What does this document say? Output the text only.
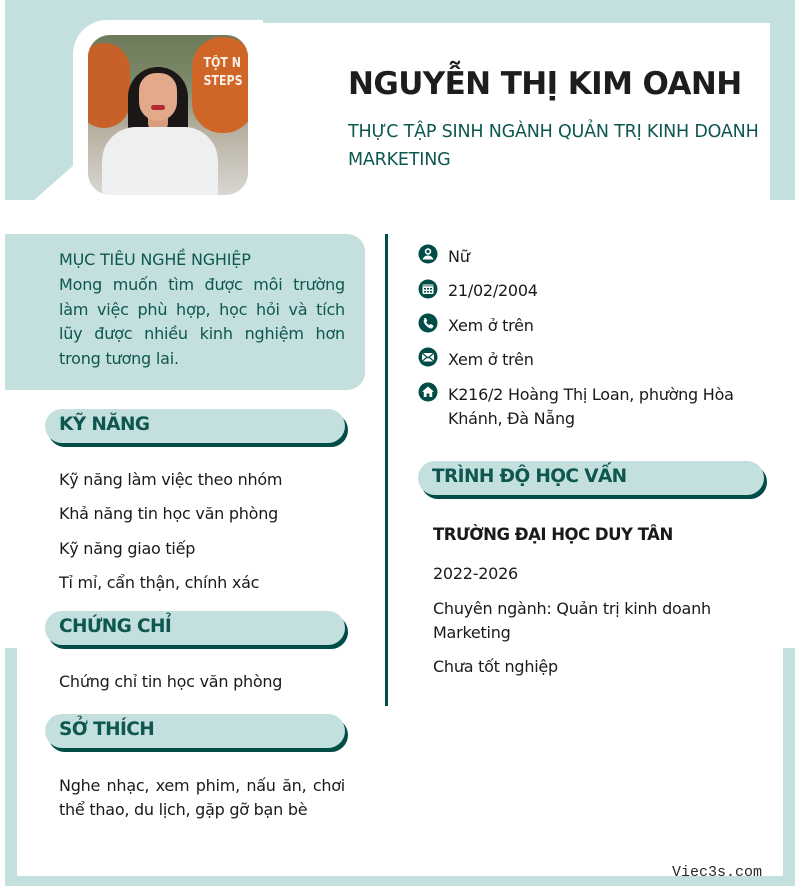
TỘT N
STEPS	NGUYỄN THỊ KIM OANH
THỰC TẬP SINH NGÀNH QUẢN TRỊ KINH DOANH MARKETING
Viec3s.com
MỤC TIÊU NGHỀ NGHIỆP
Mong muốn tìm được môi trường làm việc phù hợp, học hỏi và tích lũy được nhiều kinh nghiệm hơn trong tương lai.
Nữ
21/02/2004
Xem ở trên
Xem ở trên
K216/2 Hoàng Thị Loan, phường Hòa Khánh, Đà Nẵng
KỸ NĂNG
Kỹ năng làm việc theo nhóm
Khả năng tin học văn phòng
Kỹ năng giao tiếp
Tỉ mỉ, cẩn thận, chính xác
CHỨNG CHỈ
Chứng chỉ tin học văn phòng
SỞ THÍCH
Nghe nhạc, xem phim, nấu ăn, chơi thể thao, du lịch, gặp gỡ bạn bè
TRÌNH ĐỘ HỌC VẤN
TRƯỜNG ĐẠI HỌC DUY TÂN
2022-2026
Chuyên ngành: Quản trị kinh doanh Marketing
Chưa tốt nghiệp
